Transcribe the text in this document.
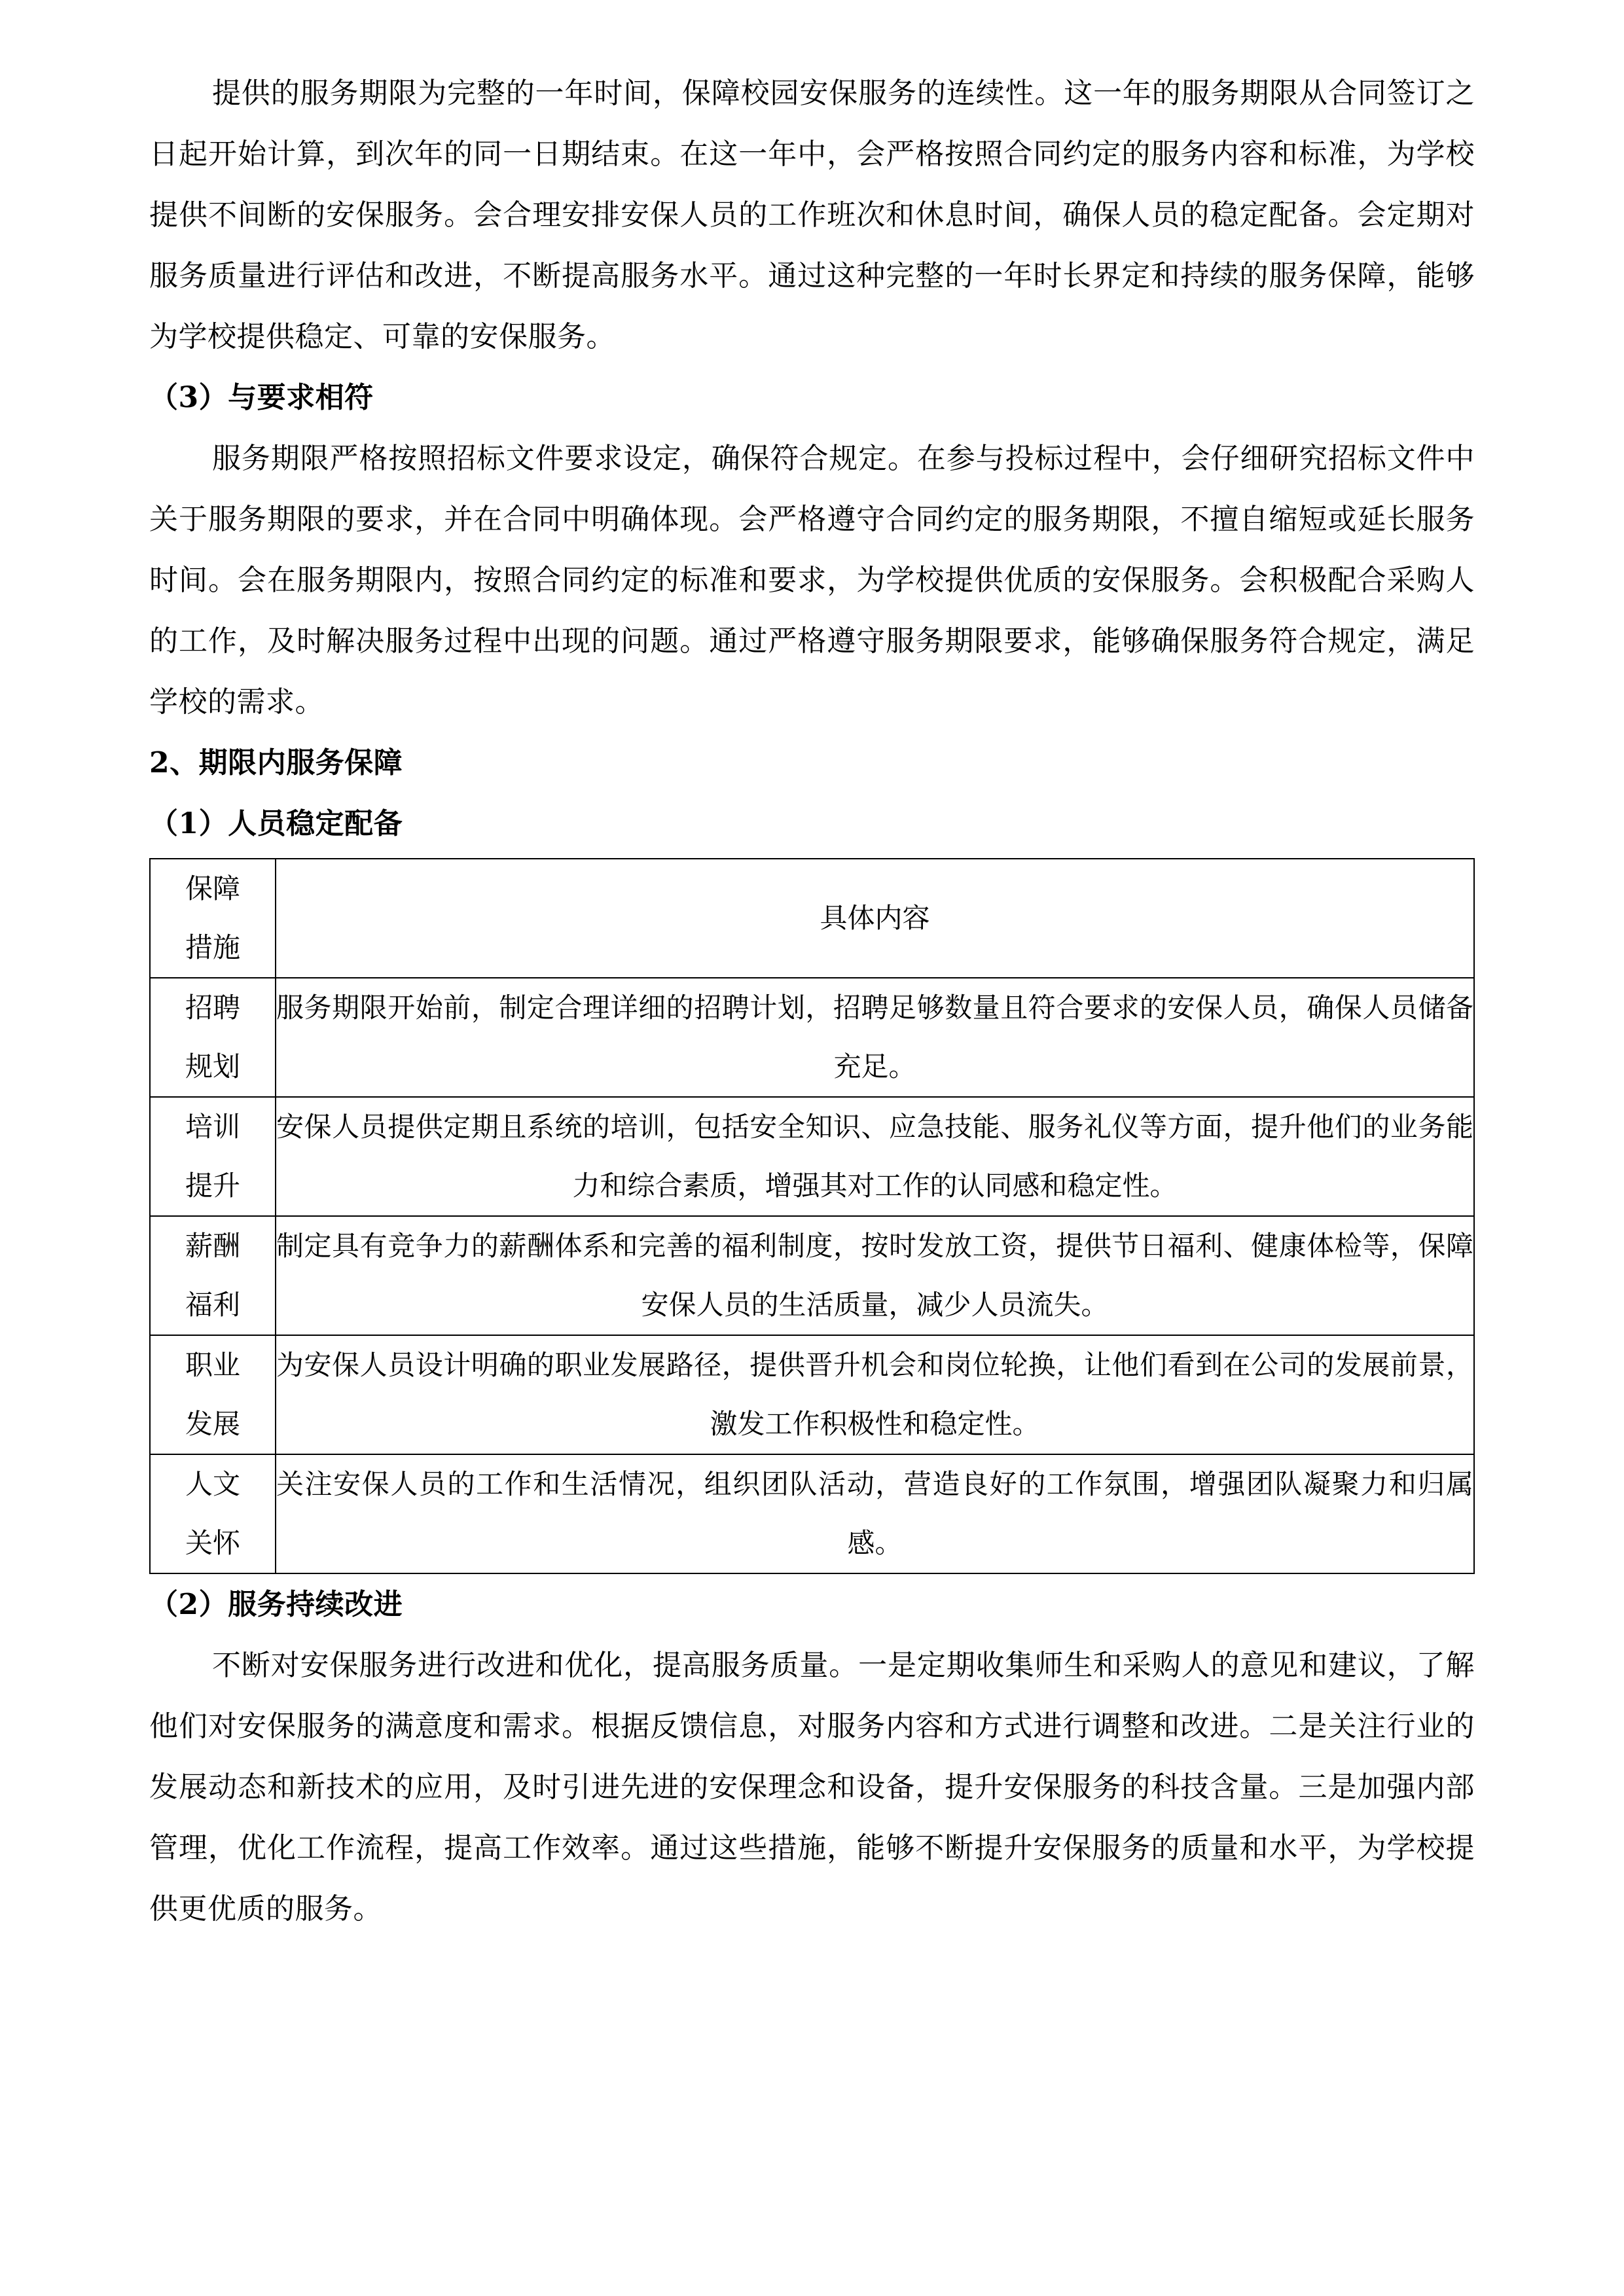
提供的服务期限为完整的一年时间，保障校园安保服务的连续性。这一年的服务期限从合同签订之日起开始计算，到次年的同一日期结束。在这一年中，会严格按照合同约定的服务内容和标准，为学校提供不间断的安保服务。会合理安排安保人员的工作班次和休息时间，确保人员的稳定配备。会定期对服务质量进行评估和改进，不断提高服务水平。通过这种完整的一年时长界定和持续的服务保障，能够为学校提供稳定、可靠的安保服务。

（3）与要求相符

服务期限严格按照招标文件要求设定，确保符合规定。在参与投标过程中，会仔细研究招标文件中关于服务期限的要求，并在合同中明确体现。会严格遵守合同约定的服务期限，不擅自缩短或延长服务时间。会在服务期限内，按照合同约定的标准和要求，为学校提供优质的安保服务。会积极配合采购人的工作，及时解决服务过程中出现的问题。通过严格遵守服务期限要求，能够确保服务符合规定，满足学校的需求。

2、期限内服务保障
（1）人员稳定配备
保障
措施	具体内容

招聘
规划	服务期限开始前，制定合理详细的招聘计划，招聘足够数量且符合要求的安保人员，确保人员储备充足。

培训
提升	安保人员提供定期且系统的培训，包括安全知识、应急技能、服务礼仪等方面，提升他们的业务能力和综合素质，增强其对工作的认同感和稳定性。

薪酬
福利	制定具有竞争力的薪酬体系和完善的福利制度，按时发放工资，提供节日福利、健康体检等，保障安保人员的生活质量，减少人员流失。

职业
发展	为安保人员设计明确的职业发展路径，提供晋升机会和岗位轮换，让他们看到在公司的发展前景，激发工作积极性和稳定性。

人文
关怀	关注安保人员的工作和生活情况，组织团队活动，营造良好的工作氛围，增强团队凝聚力和归属感。
（2）服务持续改进

不断对安保服务进行改进和优化，提高服务质量。一是定期收集师生和采购人的意见和建议，了解他们对安保服务的满意度和需求。根据反馈信息，对服务内容和方式进行调整和改进。二是关注行业的发展动态和新技术的应用，及时引进先进的安保理念和设备，提升安保服务的科技含量。三是加强内部管理，优化工作流程，提高工作效率。通过这些措施，能够不断提升安保服务的质量和水平，为学校提供更优质的服务。
